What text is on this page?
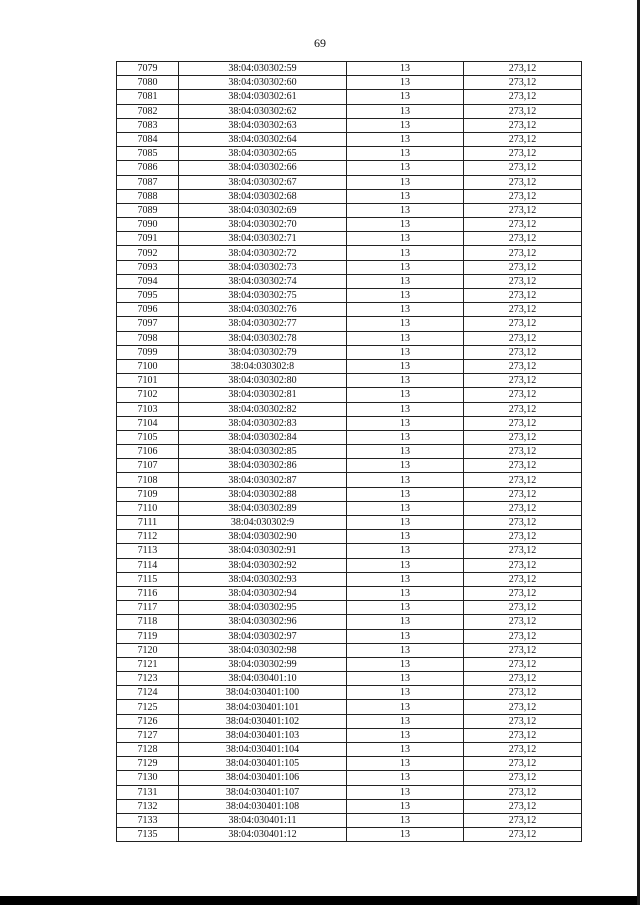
69
7079	38:04:030302:59	13	273,12
7080	38:04:030302:60	13	273,12
7081	38:04:030302:61	13	273,12
7082	38:04:030302:62	13	273,12
7083	38:04:030302:63	13	273,12
7084	38:04:030302:64	13	273,12
7085	38:04:030302:65	13	273,12
7086	38:04:030302:66	13	273,12
7087	38:04:030302:67	13	273,12
7088	38:04:030302:68	13	273,12
7089	38:04:030302:69	13	273,12
7090	38:04:030302:70	13	273,12
7091	38:04:030302:71	13	273,12
7092	38:04:030302:72	13	273,12
7093	38:04:030302:73	13	273,12
7094	38:04:030302:74	13	273,12
7095	38:04:030302:75	13	273,12
7096	38:04:030302:76	13	273,12
7097	38:04:030302:77	13	273,12
7098	38:04:030302:78	13	273,12
7099	38:04:030302:79	13	273,12
7100	38:04:030302:8	13	273,12
7101	38:04:030302:80	13	273,12
7102	38:04:030302:81	13	273,12
7103	38:04:030302:82	13	273,12
7104	38:04:030302:83	13	273,12
7105	38:04:030302:84	13	273,12
7106	38:04:030302:85	13	273,12
7107	38:04:030302:86	13	273,12
7108	38:04:030302:87	13	273,12
7109	38:04:030302:88	13	273,12
7110	38:04:030302:89	13	273,12
7111	38:04:030302:9	13	273,12
7112	38:04:030302:90	13	273,12
7113	38:04:030302:91	13	273,12
7114	38:04:030302:92	13	273,12
7115	38:04:030302:93	13	273,12
7116	38:04:030302:94	13	273,12
7117	38:04:030302:95	13	273,12
7118	38:04:030302:96	13	273,12
7119	38:04:030302:97	13	273,12
7120	38:04:030302:98	13	273,12
7121	38:04:030302:99	13	273,12
7123	38:04:030401:10	13	273,12
7124	38:04:030401:100	13	273,12
7125	38:04:030401:101	13	273,12
7126	38:04:030401:102	13	273,12
7127	38:04:030401:103	13	273,12
7128	38:04:030401:104	13	273,12
7129	38:04:030401:105	13	273,12
7130	38:04:030401:106	13	273,12
7131	38:04:030401:107	13	273,12
7132	38:04:030401:108	13	273,12
7133	38:04:030401:11	13	273,12
7135	38:04:030401:12	13	273,12
